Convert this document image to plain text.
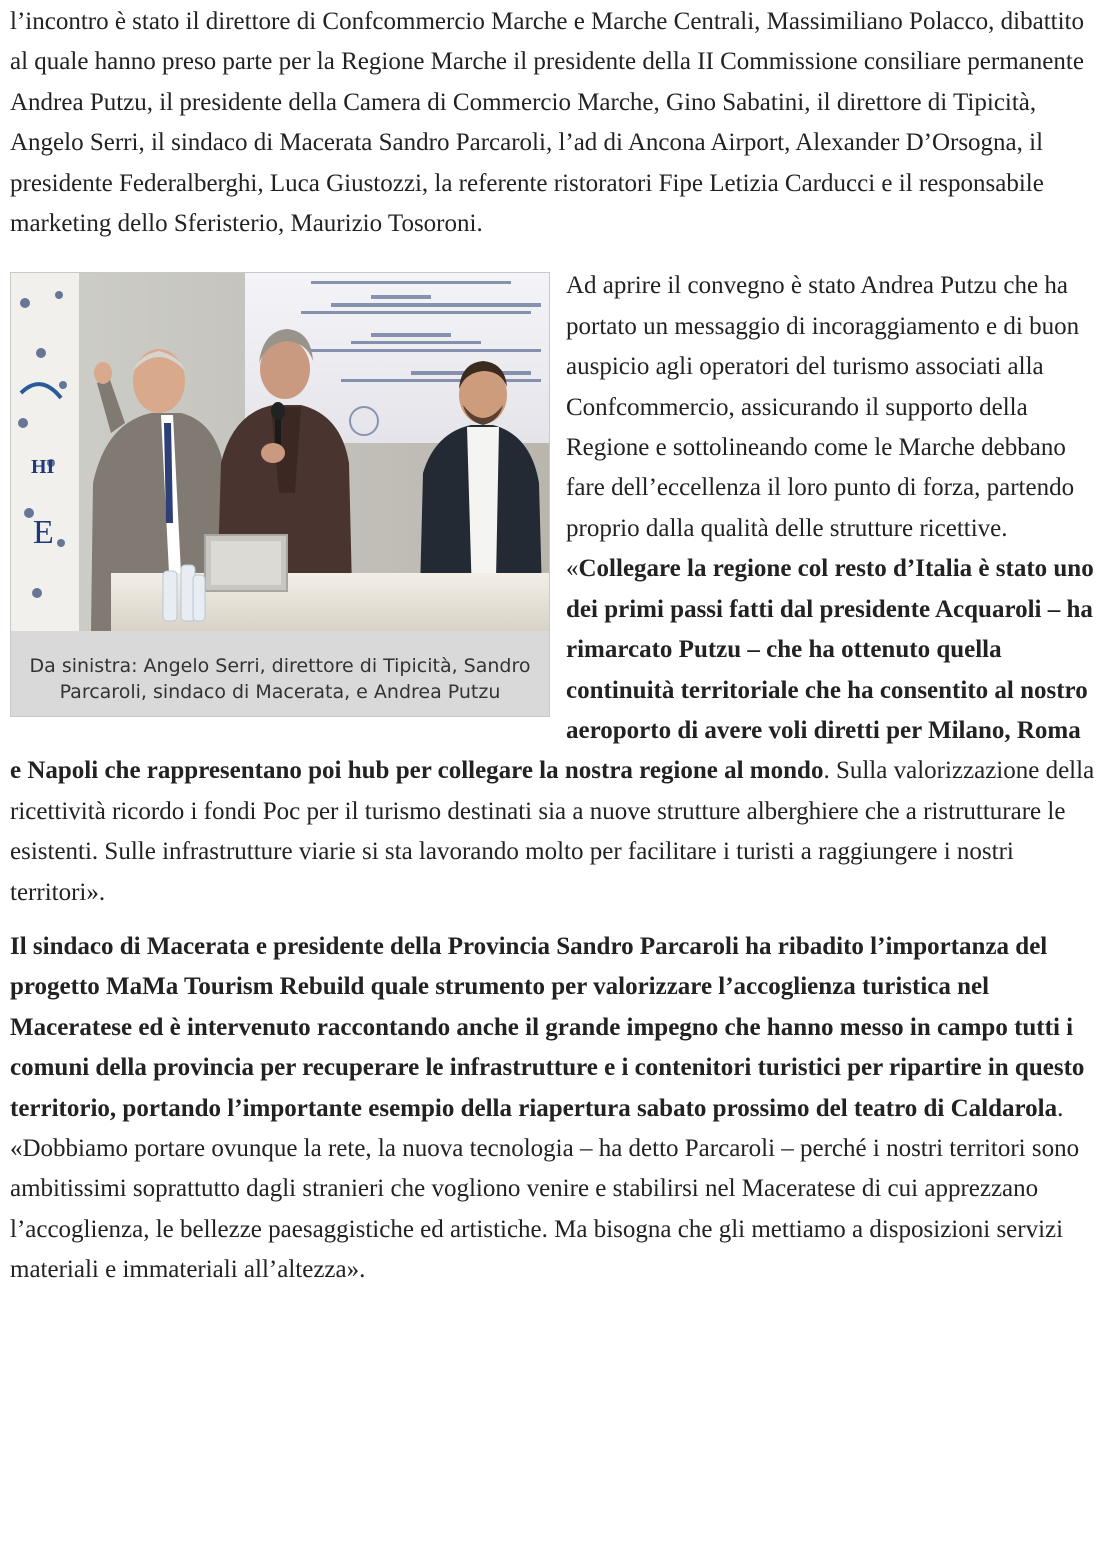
l’incontro è stato il direttore di Confcommercio Marche e Marche Centrali, Massimiliano Polacco, dibattito al quale hanno preso parte per la Regione Marche il presidente della II Commissione consiliare permanente Andrea Putzu, il presidente della Camera di Commercio Marche, Gino Sabatini, il direttore di Tipicità, Angelo Serri, il sindaco di Macerata Sandro Parcaroli, l’ad di Ancona Airport, Alexander D’Orsogna, il presidente Federalberghi, Luca Giustozzi, la referente ristoratori Fipe Letizia Carducci e il responsabile marketing dello Sferisterio, Maurizio Tosoroni.

HI
E
Da sinistra: Angelo Serri, direttore di Tipicità, Sandro Parcaroli, sindaco di Macerata, e Andrea Putzu

Ad aprire il convegno è stato Andrea Putzu che ha portato un messaggio di incoraggiamento e di buon auspicio agli operatori del turismo associati alla Confcommercio, assicurando il supporto della Regione e sottolineando come le Marche debbano fare dell’eccellenza il loro punto di forza, partendo proprio dalla qualità delle strutture ricettive. «Collegare la regione col resto d’Italia è stato uno dei primi passi fatti dal presidente Acquaroli – ha rimarcato Putzu – che ha ottenuto quella continuità territoriale che ha consentito al nostro aeroporto di avere voli diretti per Milano, Roma e Napoli che rappresentano poi hub per collegare la nostra regione al mondo. Sulla valorizzazione della ricettività ricordo i fondi Poc per il turismo destinati sia a nuove strutture alberghiere che a ristrutturare le esistenti. Sulle infrastrutture viarie si sta lavorando molto per facilitare i turisti a raggiungere i nostri territori».

Il sindaco di Macerata e presidente della Provincia Sandro Parcaroli ha ribadito l’importanza del progetto MaMa Tourism Rebuild quale strumento per valorizzare l’accoglienza turistica nel Maceratese ed è intervenuto raccontando anche il grande impegno che hanno messo in campo tutti i comuni della provincia per recuperare le infrastrutture e i contenitori turistici per ripartire in questo territorio, portando l’importante esempio della riapertura sabato prossimo del teatro di Caldarola. «Dobbiamo portare ovunque la rete, la nuova tecnologia – ha detto Parcaroli – perché i nostri territori sono ambitissimi soprattutto dagli stranieri che vogliono venire e stabilirsi nel Maceratese di cui apprezzano l’accoglienza, le bellezze paesaggistiche ed artistiche. Ma bisogna che gli mettiamo a disposizioni servizi materiali e immateriali all’altezza».
